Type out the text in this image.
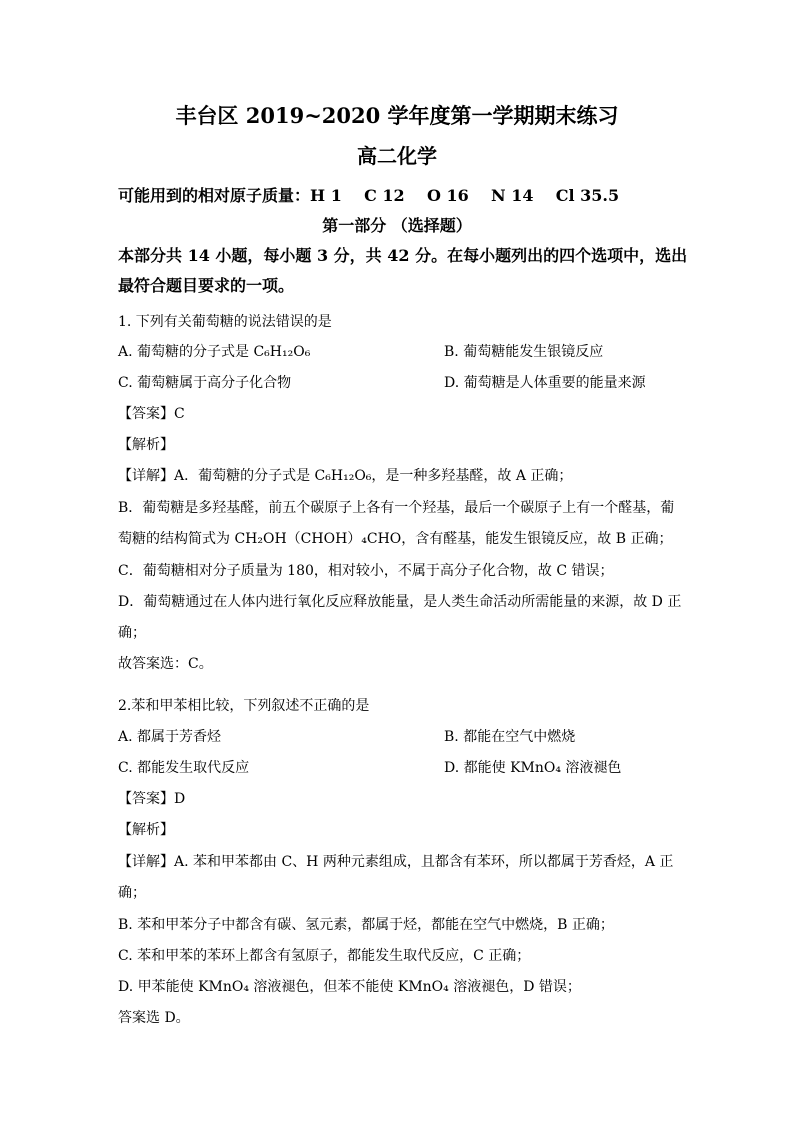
丰台区 2019~2020 学年度第一学期期末练习
高二化学
可能用到的相对原子质量：H 1    C 12    O 16    N 14    Cl 35.5
第一部分 （选择题）
本部分共 14 小题，每小题 3 分，共 42 分。在每小题列出的四个选项中，选出
最符合题目要求的一项。
1. 下列有关葡萄糖的说法错误的是
A. 葡萄糖的分子式是 C₆H₁₂O₆	B. 葡萄糖能发生银镜反应
C. 葡萄糖属于高分子化合物	D. 葡萄糖是人体重要的能量来源
【答案】C
【解析】
【详解】A．葡萄糖的分子式是 C₆H₁₂O₆，是一种多羟基醛，故 A 正确；
B．葡萄糖是多羟基醛，前五个碳原子上各有一个羟基，最后一个碳原子上有一个醛基，葡
萄糖的结构简式为 CH₂OH（CHOH）₄CHO，含有醛基，能发生银镜反应，故 B 正确；
C．葡萄糖相对分子质量为 180，相对较小，不属于高分子化合物，故 C 错误；
D．葡萄糖通过在人体内进行氧化反应释放能量，是人类生命活动所需能量的来源，故 D 正
确；
故答案选：C。
2.苯和甲苯相比较，下列叙述不正确的是
A. 都属于芳香烃	B. 都能在空气中燃烧
C. 都能发生取代反应	D. 都能使 KMnO₄ 溶液褪色
【答案】D
【解析】
【详解】A. 苯和甲苯都由 C、H 两种元素组成，且都含有苯环，所以都属于芳香烃，A 正
确；
B. 苯和甲苯分子中都含有碳、氢元素，都属于烃，都能在空气中燃烧，B 正确；
C. 苯和甲苯的苯环上都含有氢原子，都能发生取代反应，C 正确；
D. 甲苯能使 KMnO₄ 溶液褪色，但苯不能使 KMnO₄ 溶液褪色，D 错误；
答案选 D。
